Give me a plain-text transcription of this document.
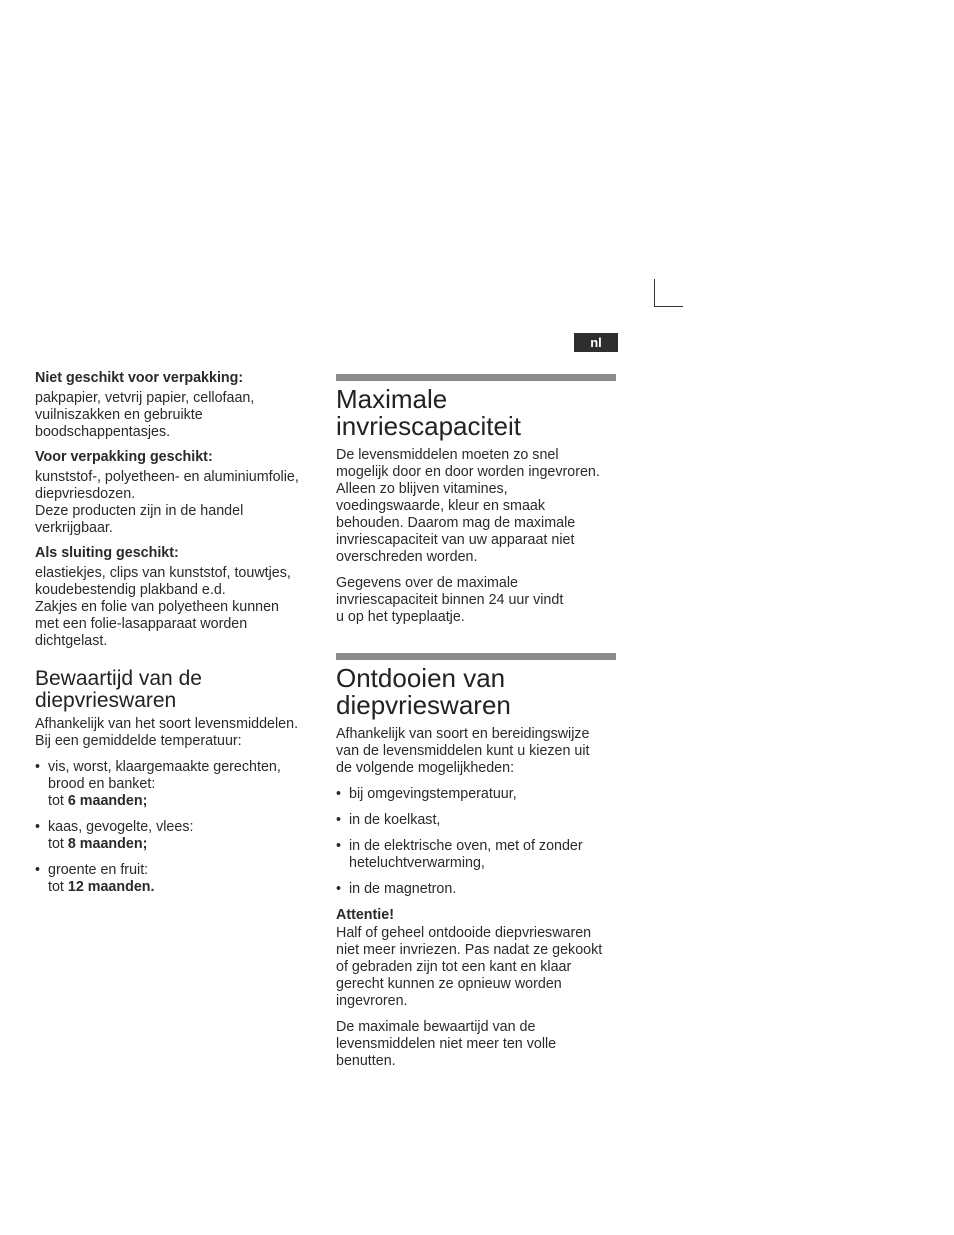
nl
Niet geschikt voor verpakking:

pakpapier, vetvrij papier, cellofaan,
vuilniszakken en gebruikte
boodschappentasjes.

Voor verpakking geschikt:

kunststof-, polyetheen- en aluminiumfolie,
diepvriesdozen.
Deze producten zijn in de handel
verkrijgbaar.

Als sluiting geschikt:

elastiekjes, clips van kunststof, touwtjes,
koudebestendig plakband e.d.
Zakjes en folie van polyetheen kunnen
met een folie-lasapparaat worden
dichtgelast.

Bewaartijd van de
diepvrieswaren

Afhankelijk van het soort levensmiddelen.
Bij een gemiddelde temperatuur:

• vis, worst, klaargemaakte gerechten,
brood en banket:
tot 6 maanden;
• kaas, gevogelte, vlees:
tot 8 maanden;
• groente en fruit:
tot 12 maanden.
Maximale
invriescapaciteit

De levensmiddelen moeten zo snel
mogelijk door en door worden ingevroren.
Alleen zo blijven vitamines,
voedingswaarde, kleur en smaak
behouden. Daarom mag de maximale
invriescapaciteit van uw apparaat niet
overschreden worden.

Gegevens over de maximale
invriescapaciteit binnen 24 uur vindt
u op het typeplaatje.

Ontdooien van
diepvrieswaren

Afhankelijk van soort en bereidingswijze
van de levensmiddelen kunt u kiezen uit
de volgende mogelijkheden:

• bij omgevingstemperatuur,
• in de koelkast,
• in de elektrische oven, met of zonder
heteluchtverwarming,
• in de magnetron.
Attentie!

Half of geheel ontdooide diepvrieswaren
niet meer invriezen. Pas nadat ze gekookt
of gebraden zijn tot een kant en klaar
gerecht kunnen ze opnieuw worden
ingevroren.

De maximale bewaartijd van de
levensmiddelen niet meer ten volle
benutten.
